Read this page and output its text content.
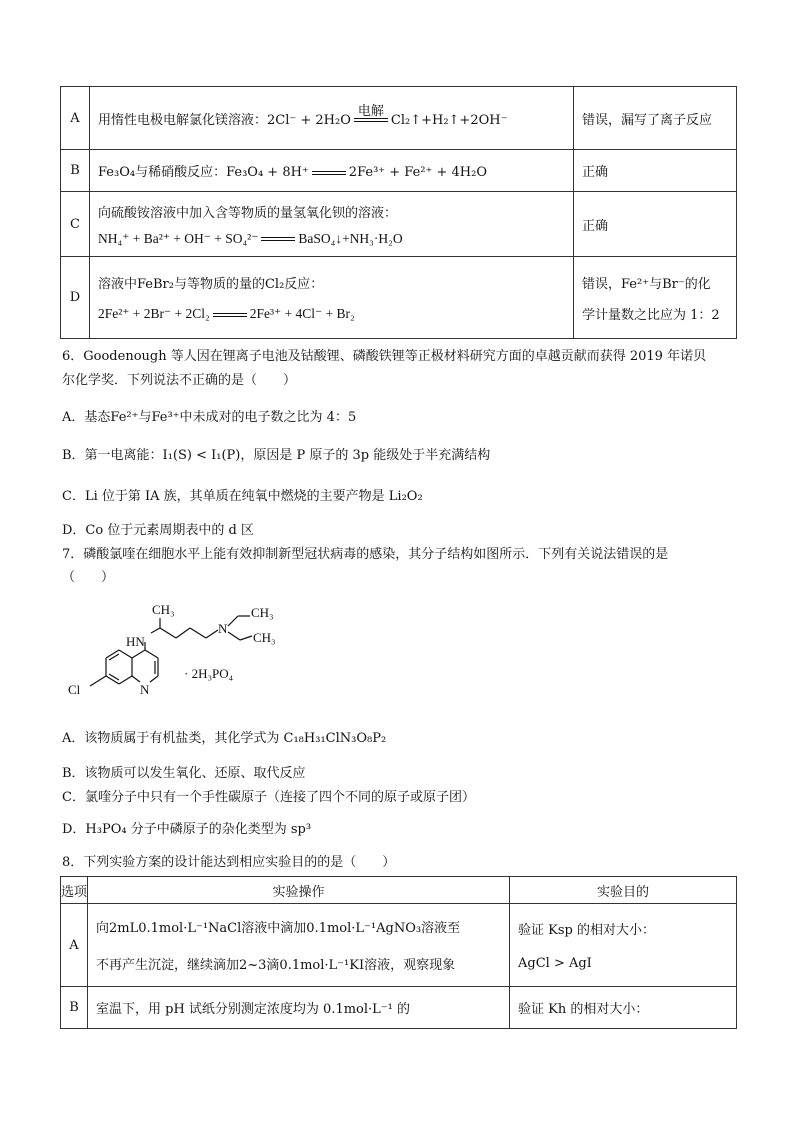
A	用惰性电极电解氯化镁溶液：2Cl⁻ + 2H₂O
电解
Cl₂↑+H₂↑+2OH⁻	错误，漏写了离子反应
B	Fe₃O₄与稀硝酸反应：Fe₃O₄ + 8H⁺ 2Fe³⁺ + Fe²⁺ + 4H₂O	正确
C	向硫酸铵溶液中加入含等物质的量氢氧化钡的溶液：
NH₄⁺ + Ba²⁺ + OH⁻ + SO₄²⁻ BaSO₄↓+NH₃·H₂O	正确
D	溶液中FeBr₂与等物质的量的Cl₂反应：
2Fe²⁺ + 2Br⁻ + 2Cl₂ 2Fe³⁺ + 4Cl⁻ + Br₂	错误，Fe²⁺与Br⁻的化
学计量数之比应为 1：2
6．Goodenough 等人因在锂离子电池及钴酸锂、磷酸铁锂等正极材料研究方面的卓越贡献而获得 2019 年诺贝
尔化学奖．下列说法不正确的是（　　）
A．基态Fe²⁺与Fe³⁺中未成对的电子数之比为 4：5
B．第一电离能：I₁(S) < I₁(P)，原因是 P 原子的 3p 能级处于半充满结构
C．Li 位于第 IA 族，其单质在纯氧中燃烧的主要产物是 Li₂O₂
D．Co 位于元素周期表中的 d 区
7．磷酸氯喹在细胞水平上能有效抑制新型冠状病毒的感染，其分子结构如图所示．下列有关说法错误的是
（　　）
CH₃	CH₃
CH₃
N
HN
N
Cl
· 2H₃PO₄
A．该物质属于有机盐类，其化学式为 C₁₈H₃₁ClN₃O₈P₂
B．该物质可以发生氧化、还原、取代反应
C．氯喹分子中只有一个手性碳原子（连接了四个不同的原子或原子团）
D．H₃PO₄ 分子中磷原子的杂化类型为 sp³
8．下列实验方案的设计能达到相应实验目的的是（　　）
选项	实验操作	实验目的
A	向2mL0.1mol·L⁻¹NaCl溶液中滴加0.1mol·L⁻¹AgNO₃溶液至
不再产生沉淀，继续滴加2~3滴0.1mol·L⁻¹KI溶液，观察现象	验证 Ksp 的相对大小：
AgCl > AgI

B	室温下，用 pH 试纸分别测定浓度均为 0.1mol·L⁻¹ 的	验证 Kh 的相对大小：
